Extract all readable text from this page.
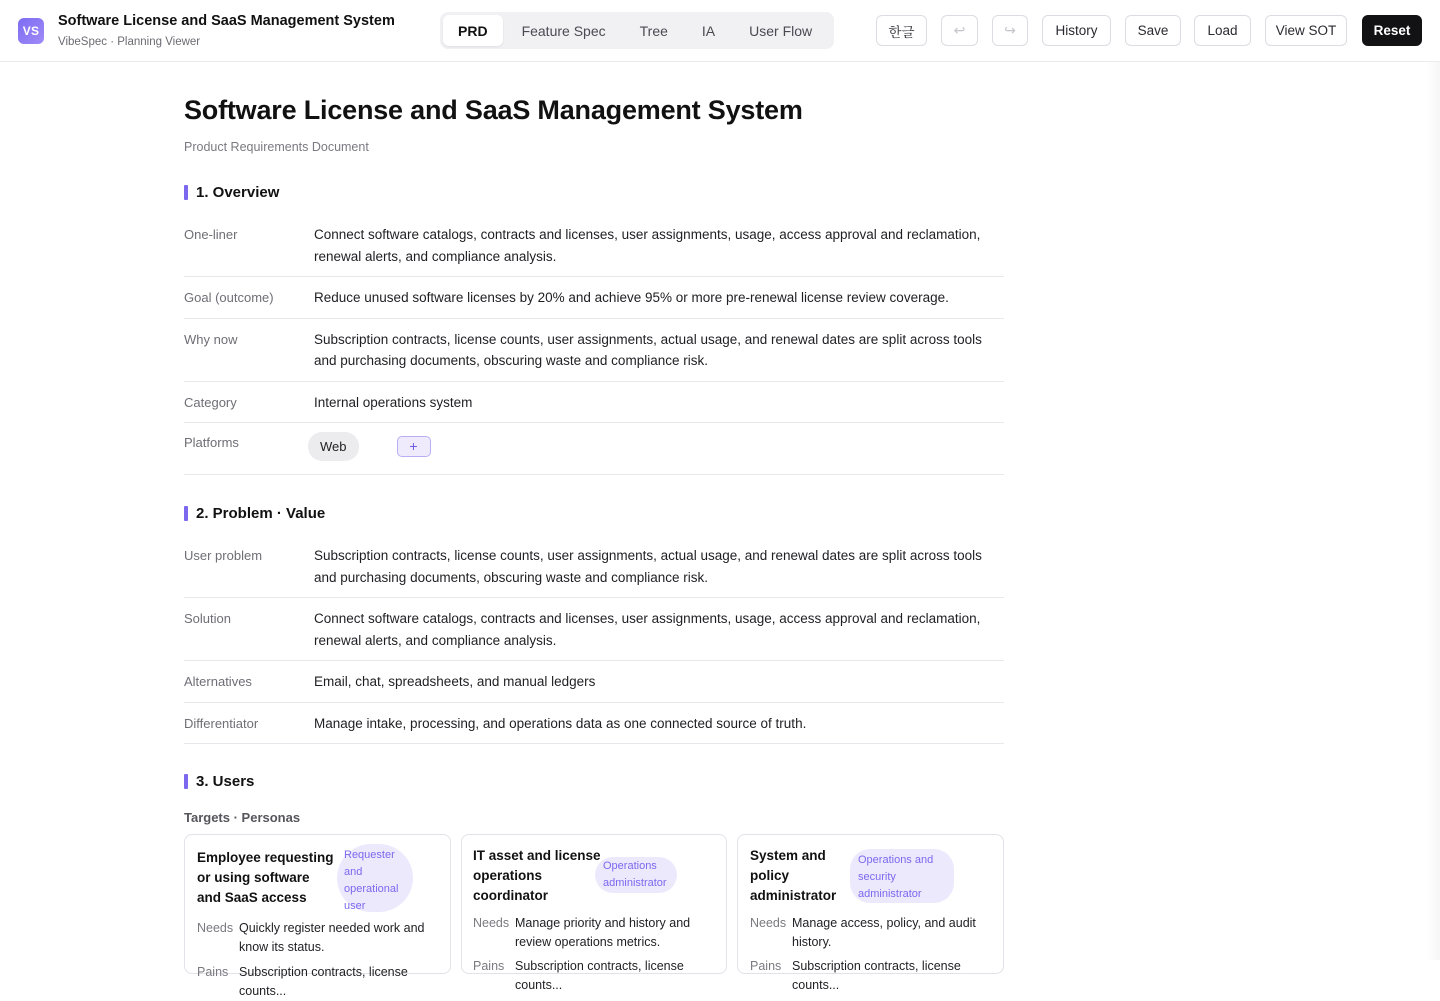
VS
Software License and SaaS Management System
VibeSpec · Planning Viewer
PRD	Feature Spec	Tree	IA	User Flow	한글	↩	↪	History	Save	Load	View SOT	Reset
Software License and SaaS Management System
Product Requirements Document
1. Overview
One-liner	Connect software catalogs, contracts and licenses, user assignments, usage, access approval and reclamation, renewal alerts, and compliance analysis.
Goal (outcome)	Reduce unused software licenses by 20% and achieve 95% or more pre-renewal license review coverage.
Why now	Subscription contracts, license counts, user assignments, actual usage, and renewal dates are split across tools and purchasing documents, obscuring waste and compliance risk.
Category	Internal operations system
Platforms	Web	+
2. Problem · Value
User problem	Subscription contracts, license counts, user assignments, actual usage, and renewal dates are split across tools and purchasing documents, obscuring waste and compliance risk.
Solution	Connect software catalogs, contracts and licenses, user assignments, usage, access approval and reclamation, renewal alerts, and compliance analysis.
Alternatives	Email, chat, spreadsheets, and manual ledgers
Differentiator	Manage intake, processing, and operations data as one connected source of truth.
3. Users
Targets · Personas
Employee requesting or using software and SaaS access
Requester and operational user
Needs Quickly register needed work and know its status.
Pains Subscription contracts, license counts...
IT asset and license operations coordinator
Operations administrator
Needs Manage priority and history and review operations metrics.
Pains Subscription contracts, license counts...
System and policy administrator
Operations and security administrator
Needs Manage access, policy, and audit history.
Pains Subscription contracts, license counts...
